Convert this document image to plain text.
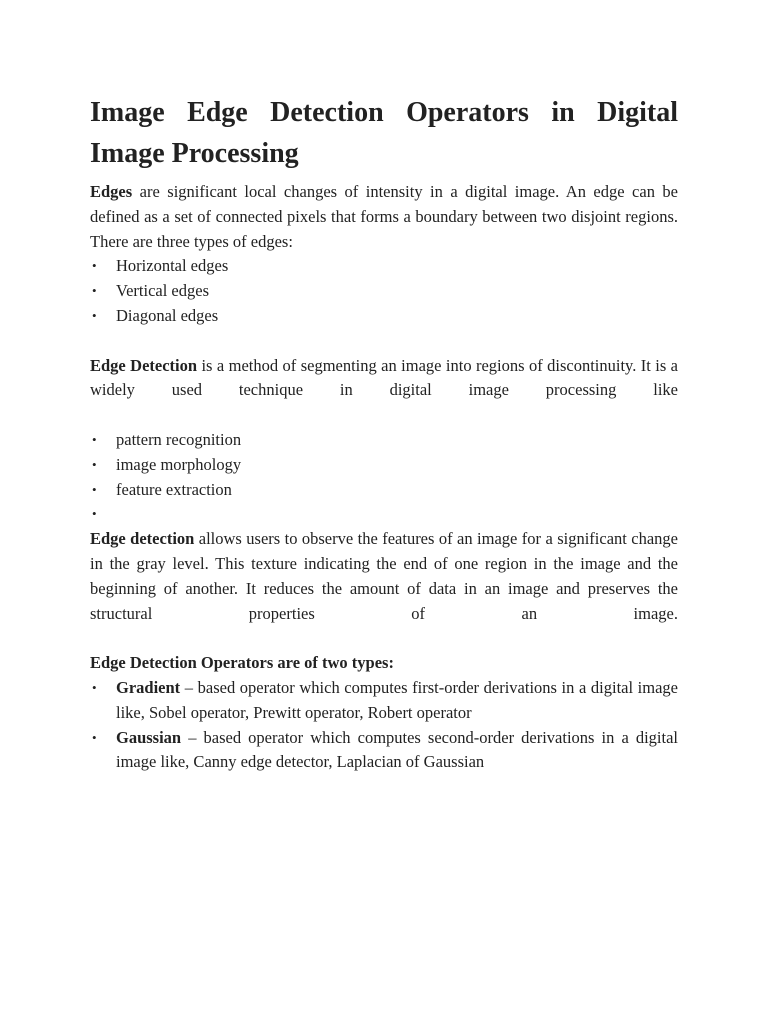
Image Edge Detection Operators in Digital
Image Processing

Edges are significant local changes of intensity in a digital image. An edge can be defined as a set of connected pixels that forms a boundary between two disjoint regions. There are three types of edges:

• Horizontal edges
• Vertical edges
• Diagonal edges

Edge Detection is a method of segmenting an image into regions of discontinuity. It is a widely used technique in digital image processing like

• pattern recognition
• image morphology
• feature extraction
•

Edge detection allows users to observe the features of an image for a significant change in the gray level. This texture indicating the end of one region in the image and the beginning of another. It reduces the amount of data in an image and preserves the structural properties of an image.

Edge Detection Operators are of two types:

• Gradient – based operator which computes first-order derivations in a digital image like, Sobel operator, Prewitt operator, Robert operator
• Gaussian – based operator which computes second-order derivations in a digital image like, Canny edge detector, Laplacian of Gaussian
